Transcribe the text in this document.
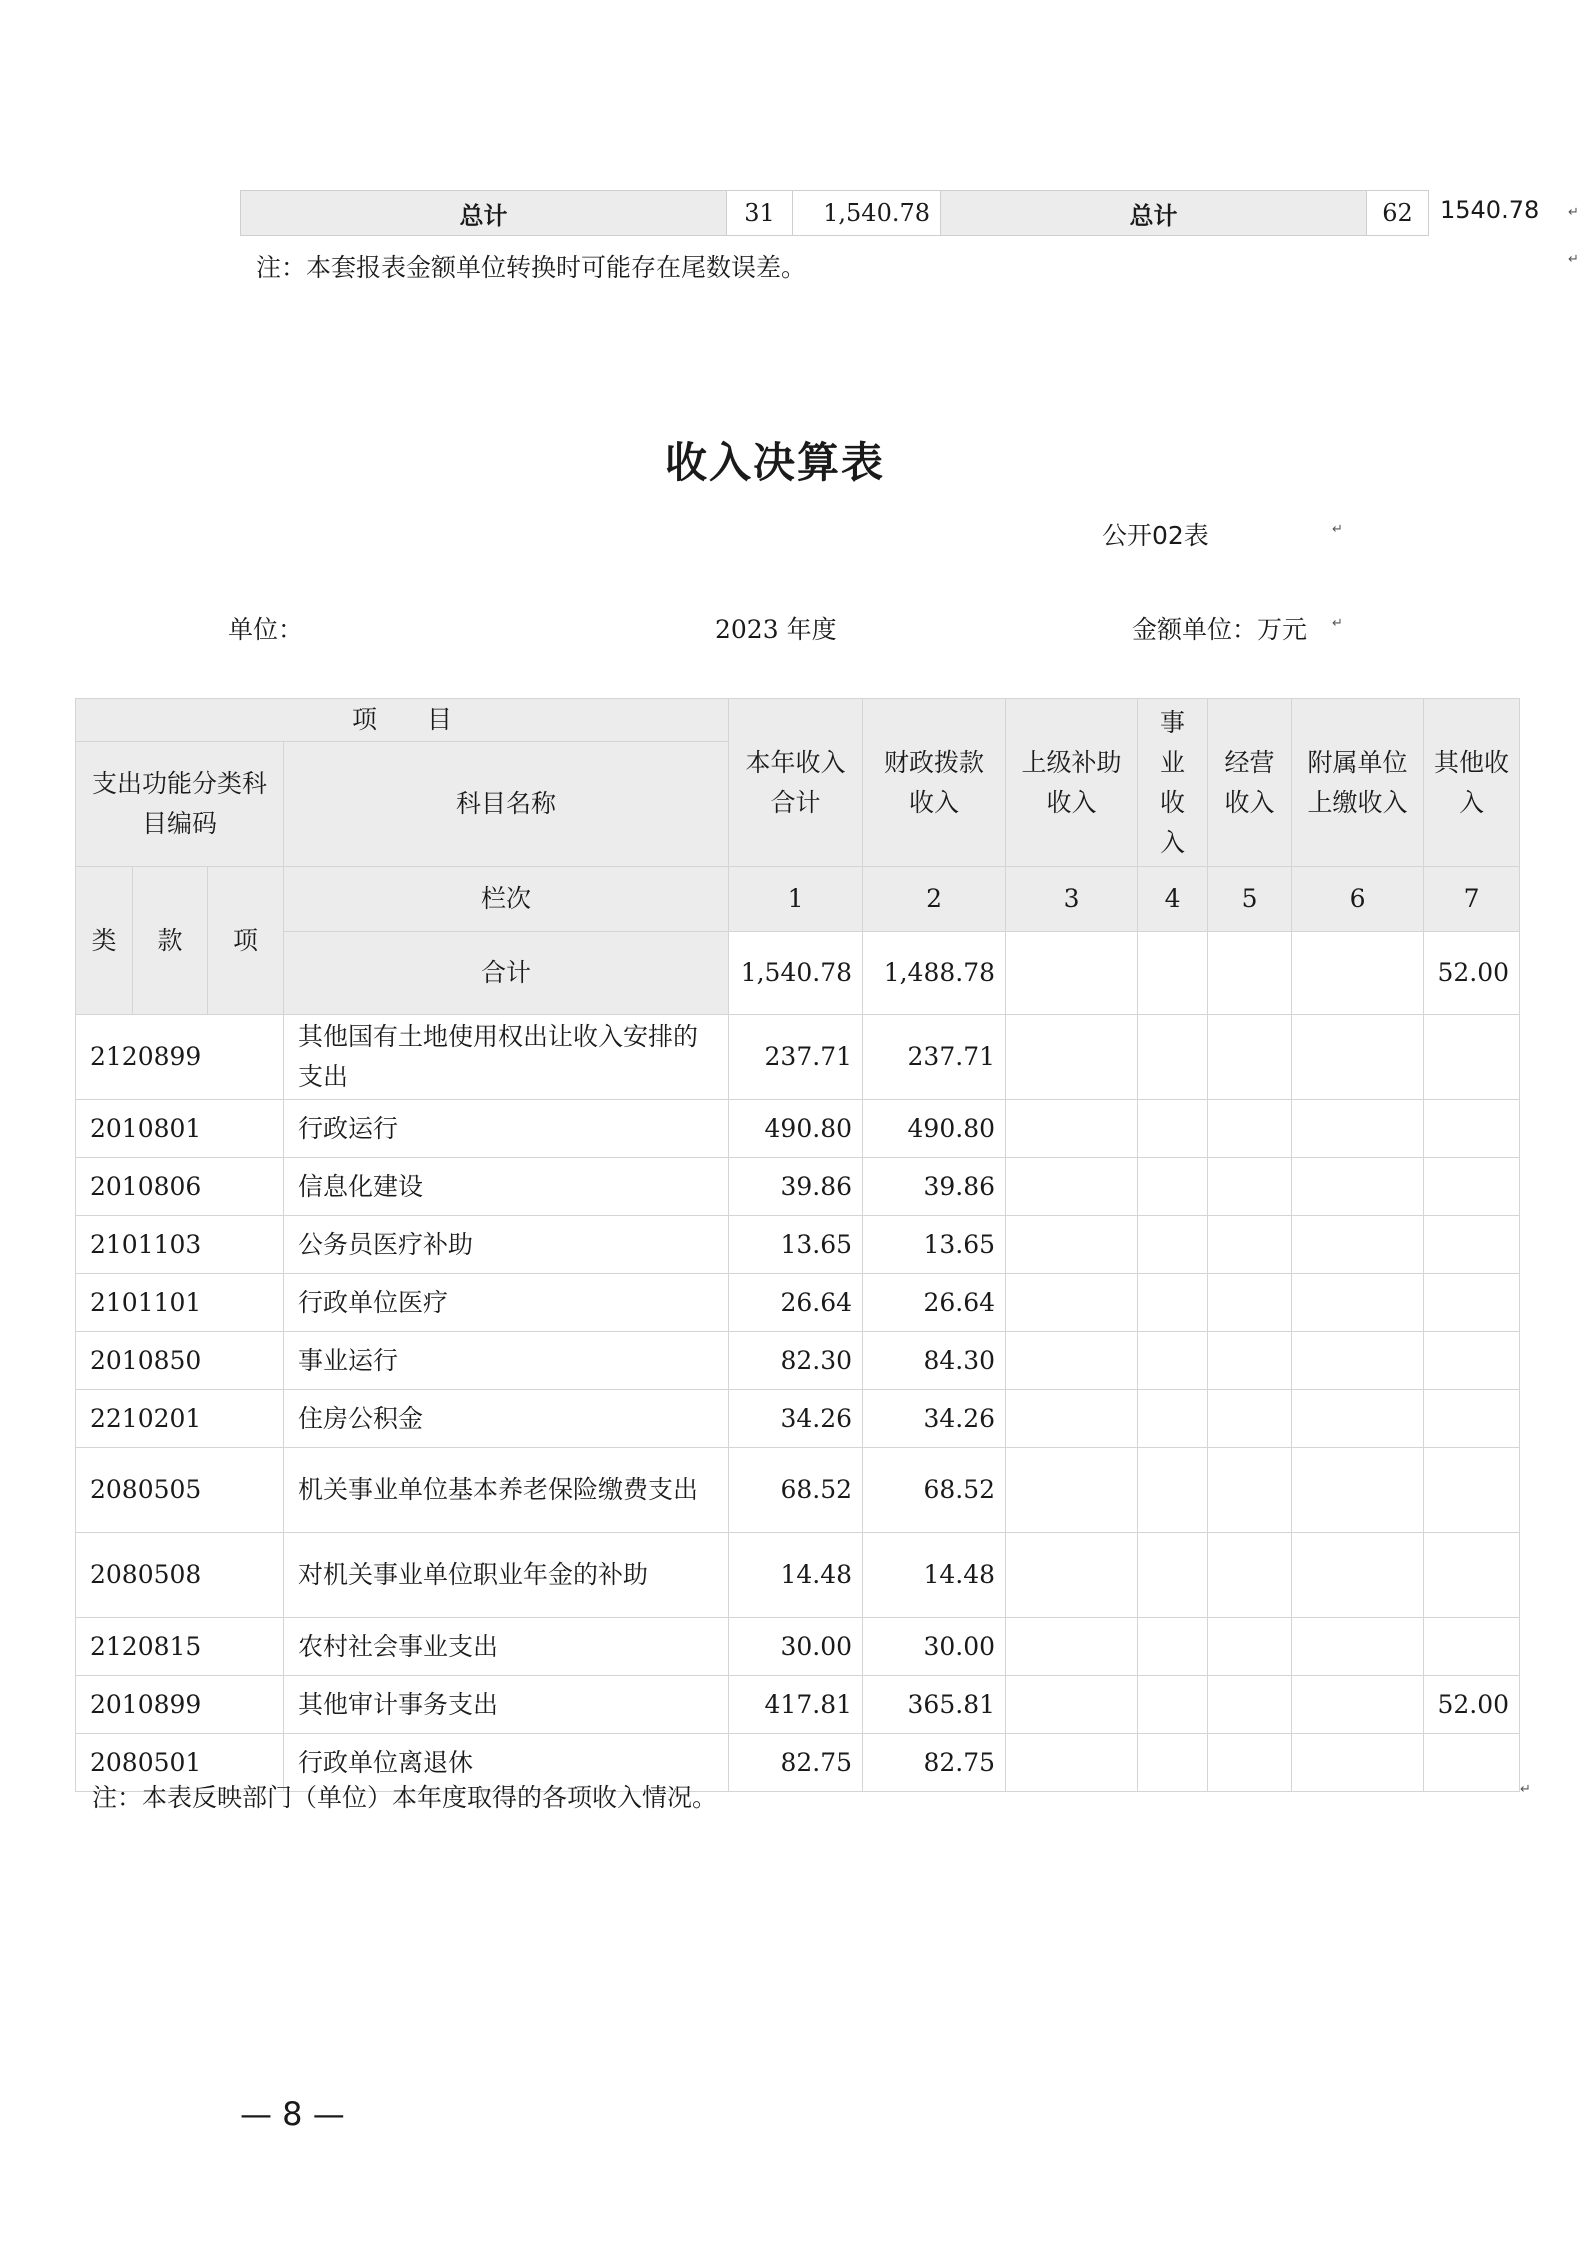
总计	31	1,540.78	总计	62	1540.78
注：本套报表金额单位转换时可能存在尾数误差。
收入决算表
公开02表
单位：	2023 年度	金额单位：万元
项　　目				本年收入合计	财政拨款收入	上级补助收入	事业收入	经营收入	附属单位上缴收入	其他收入
支出功能分类科目编码			科目名称							
类	款	项	栏次	1	2	3	4	5	6	7
			合计	1,540.78	1,488.78					52.00
2120899			其他国有土地使用权出让收入安排的支出	237.71	237.71					
2010801			行政运行	490.80	490.80					
2010806			信息化建设	39.86	39.86					
2101103			公务员医疗补助	13.65	13.65					
2101101			行政单位医疗	26.64	26.64					
2010850			事业运行	82.30	84.30					
2210201			住房公积金	34.26	34.26					
2080505			机关事业单位基本养老保险缴费支出	68.52	68.52					
2080508			对机关事业单位职业年金的补助	14.48	14.48					
2120815			农村社会事业支出	30.00	30.00					
2010899			其他审计事务支出	417.81	365.81					52.00
2080501			行政单位离退休	82.75	82.75					
注：本表反映部门（单位）本年度取得的各项收入情况。
— 8 —
↵
↵
↵
↵
↵
